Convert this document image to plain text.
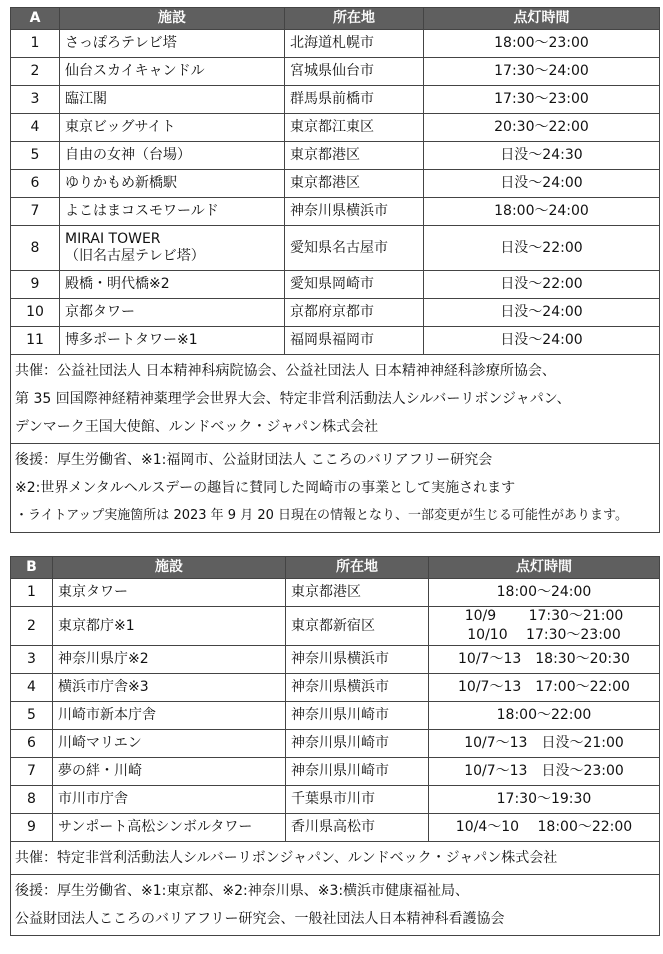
A	施設	所在地	点灯時間
1	さっぽろテレビ塔	北海道札幌市	18:00～23:00
2	仙台スカイキャンドル	宮城県仙台市	17:30～24:00
3	臨江閣	群馬県前橋市	17:30～23:00
4	東京ビッグサイト	東京都江東区	20:30～22:00
5	自由の女神（台場）	東京都港区	日没～24:30
6	ゆりかもめ新橋駅	東京都港区	日没～24:00
7	よこはまコスモワールド	神奈川県横浜市	18:00～24:00
8	MIRAI TOWER
（旧名古屋テレビ塔）	愛知県名古屋市	日没～22:00
9	殿橋・明代橋※2	愛知県岡崎市	日没～22:00
10	京都タワー	京都府京都市	日没～24:00
11	博多ポートタワー※1	福岡県福岡市	日没～24:00

共催：公益社団法人 日本精神科病院協会、公益社団法人 日本精神神経科診療所協会、
第 35 回国際神経精神薬理学会世界大会、特定非営利活動法人シルバーリボンジャパン、
デンマーク王国大使館、ルンドベック・ジャパン株式会社			

後援：厚生労働省、※1:福岡市、公益財団法人 こころのバリアフリー研究会
※2:世界メンタルヘルスデーの趣旨に賛同した岡崎市の事業として実施されます
・ライトアップ実施箇所は 2023 年 9 月 20 日現在の情報となり、一部変更が生じる可能性があります。			
B	施設	所在地	点灯時間
1	東京タワー	東京都港区	18:00～24:00
2	東京都庁※1	東京都新宿区	10/9　　 17:30～21:00
10/10　 17:30～23:00

3	神奈川県庁※2	神奈川県横浜市	10/7～13　18:30～20:30
4	横浜市庁舎※3	神奈川県横浜市	10/7～13　17:00～22:00
5	川崎市新本庁舎	神奈川県川崎市	18:00～22:00
6	川崎マリエン	神奈川県川崎市	10/7～13　日没～21:00
7	夢の絆・川崎	神奈川県川崎市	10/7～13　日没～23:00
8	市川市庁舎	千葉県市川市	17:30～19:30
9	サンポート高松シンボルタワー	香川県高松市	10/4～10　 18:00～22:00

共催：特定非営利活動法人シルバーリボンジャパン、ルンドベック・ジャパン株式会社			

後援：厚生労働省、※1:東京都、※2:神奈川県、※3:横浜市健康福祉局、
公益財団法人こころのバリアフリー研究会、一般社団法人日本精神科看護協会			
